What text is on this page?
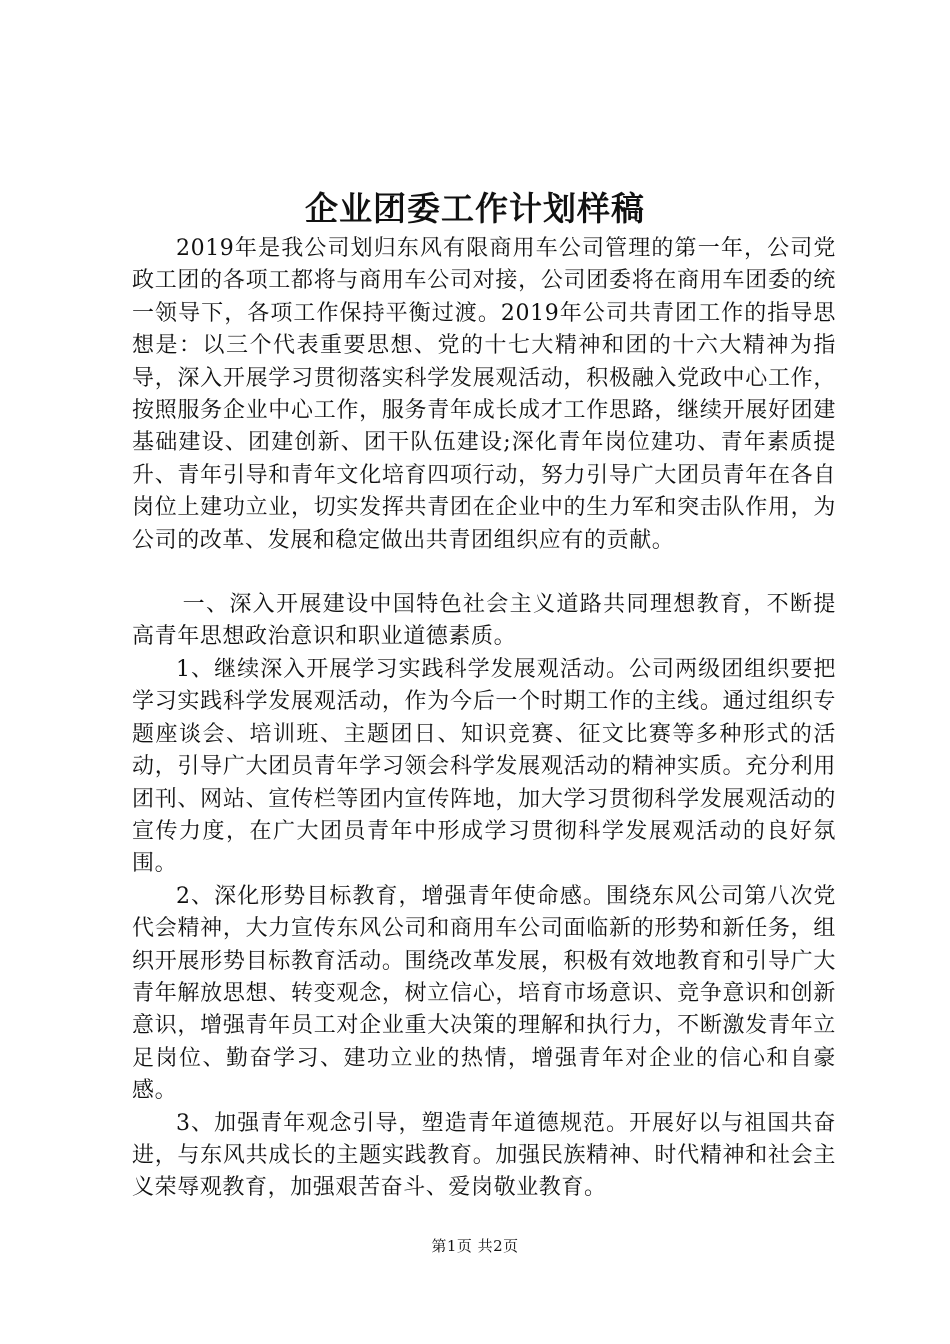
企业团委工作计划样稿

2019年是我公司划归东风有限商用车公司管理的第一年，公司党政工团的各项工都将与商用车公司对接，公司团委将在商用车团委的统一领导下，各项工作保持平衡过渡。2019年公司共青团工作的指导思想是：以三个代表重要思想、党的十七大精神和团的十六大精神为指导，深入开展学习贯彻落实科学发展观活动，积极融入党政中心工作，按照服务企业中心工作，服务青年成长成才工作思路，继续开展好团建基础建设、团建创新、团干队伍建设;深化青年岗位建功、青年素质提升、青年引导和青年文化培育四项行动，努力引导广大团员青年在各自岗位上建功立业，切实发挥共青团在企业中的生力军和突击队作用，为公司的改革、发展和稳定做出共青团组织应有的贡献。

一、深入开展建设中国特色社会主义道路共同理想教育，不断提高青年思想政治意识和职业道德素质。

1、继续深入开展学习实践科学发展观活动。公司两级团组织要把学习实践科学发展观活动，作为今后一个时期工作的主线。通过组织专题座谈会、培训班、主题团日、知识竞赛、征文比赛等多种形式的活动，引导广大团员青年学习领会科学发展观活动的精神实质。充分利用团刊、网站、宣传栏等团内宣传阵地，加大学习贯彻科学发展观活动的宣传力度，在广大团员青年中形成学习贯彻科学发展观活动的良好氛围。

2、深化形势目标教育，增强青年使命感。围绕东风公司第八次党代会精神，大力宣传东风公司和商用车公司面临新的形势和新任务，组织开展形势目标教育活动。围绕改革发展，积极有效地教育和引导广大青年解放思想、转变观念，树立信心，培育市场意识、竞争意识和创新意识，增强青年员工对企业重大决策的理解和执行力，不断激发青年立足岗位、勤奋学习、建功立业的热情，增强青年对企业的信心和自豪感。

3、加强青年观念引导，塑造青年道德规范。开展好以与祖国共奋进，与东风共成长的主题实践教育。加强民族精神、时代精神和社会主义荣辱观教育，加强艰苦奋斗、爱岗敬业教育。

第1页 共2页
